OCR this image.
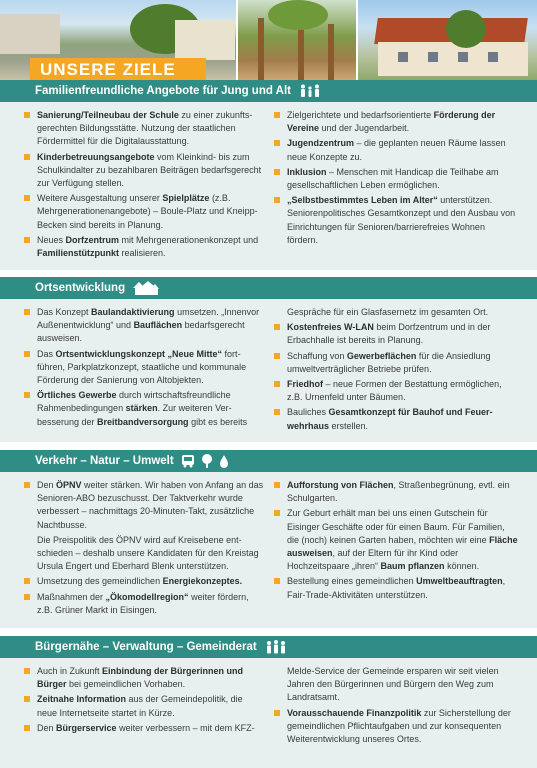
UNSERE ZIELE
Familienfreundliche Angebote für Jung und Alt
Sanierung/Teilneubau der Schule zu einer zukunftsgerechten Bildungsstätte. Nutzung der staatlichen Fördermittel für die Digitalausstattung.
Kinderbetreuungsangebote vom Kleinkind- bis zum Schulkindalter zu bezahlbaren Beiträgen bedarfsgerecht zur Verfügung stellen.
Weitere Ausgestaltung unserer Spielplätze (z.B. Mehrgenerationenangebote) – Boule-Platz und Kneipp-Becken sind bereits in Planung.
Neues Dorfzentrum mit Mehrgenerationenkonzept und Familienstützpunkt realisieren.
Zielgerichtete und bedarfsorientierte Förderung der Vereine und der Jugendarbeit.
Jugendzentrum – die geplanten neuen Räume lassen neue Konzepte zu.
Inklusion – Menschen mit Handicap die Teilhabe am gesellschaftlichen Leben ermöglichen.
„Selbstbestimmtes Leben im Alter“ unterstützen. Seniorenpolitisches Gesamtkonzept und den Ausbau von Einrichtungen für Senioren/barrierefreies Wohnen fördern.
Ortsentwicklung
Das Konzept Baulandaktivierung umsetzen. „Innenvor Außenentwicklung“ und Bauflächen bedarfsgerecht ausweisen.
Das Ortsentwicklungskonzept „Neue Mitte“ fortführen, Parkplatzkonzept, staatliche und kommunale Förderung der Sanierung von Altobjekten.
Örtliches Gewerbe durch wirtschaftsfreundliche Rahmenbedingungen stärken. Zur weiteren Verbesserung der Breitbandversorgung gibt es bereits
Gespräche für ein Glasfasernetz im gesamten Ort.
Kostenfreies W-LAN beim Dorfzentrum und in der Erbachhalle ist bereits in Planung.
Schaffung von Gewerbeflächen für die Ansiedlung umweltverträglicher Betriebe prüfen.
Friedhof – neue Formen der Bestattung ermöglichen, z.B. Urnenfeld unter Bäumen.
Bauliches Gesamtkonzept für Bauhof und Feuerwehrhaus erstellen.
Verkehr – Natur – Umwelt
Den ÖPNV weiter stärken. Wir haben von Anfang an das Senioren-ABO bezuschusst. Der Taktverkehr wurde verbessert – nachmittags 20-Minuten-Takt, zusätzliche Nachtbusse.
Die Preispolitik des ÖPNV wird auf Kreisebene entschieden – deshalb unsere Kandidaten für den Kreistag Ursula Engert und Eberhard Blenk unterstützen.
Umsetzung des gemeindlichen Energiekonzeptes.
Maßnahmen der „Ökomodellregion“ weiter fördern, z.B. Grüner Markt in Eisingen.
Aufforstung von Flächen, Straßenbegrünung, evtl. ein Schulgarten.
Zur Geburt erhält man bei uns einen Gutschein für Eisinger Geschäfte oder für einen Baum. Für Familien, die (noch) keinen Garten haben, möchten wir eine Fläche ausweisen, auf der Eltern für ihr Kind oder Hochzeitspaare „ihren“ Baum pflanzen können.
Bestellung eines gemeindlichen Umweltbeauftragten, Fair-Trade-Aktivitäten unterstützen.
Bürgernähe – Verwaltung – Gemeinderat
Auch in Zukunft Einbindung der Bürgerinnen und Bürger bei gemeindlichen Vorhaben.
Zeitnahe Information aus der Gemeindepolitik, die neue Internetseite startet in Kürze.
Den Bürgerservice weiter verbessern – mit dem KFZ-
Melde-Service der Gemeinde ersparen wir seit vielen Jahren den Bürgerinnen und Bürgern den Weg zum Landratsamt.
Vorausschauende Finanzpolitik zur Sicherstellung der gemeindlichen Pflichtaufgaben und zur konsequenten Weiterentwicklung unseres Ortes.
